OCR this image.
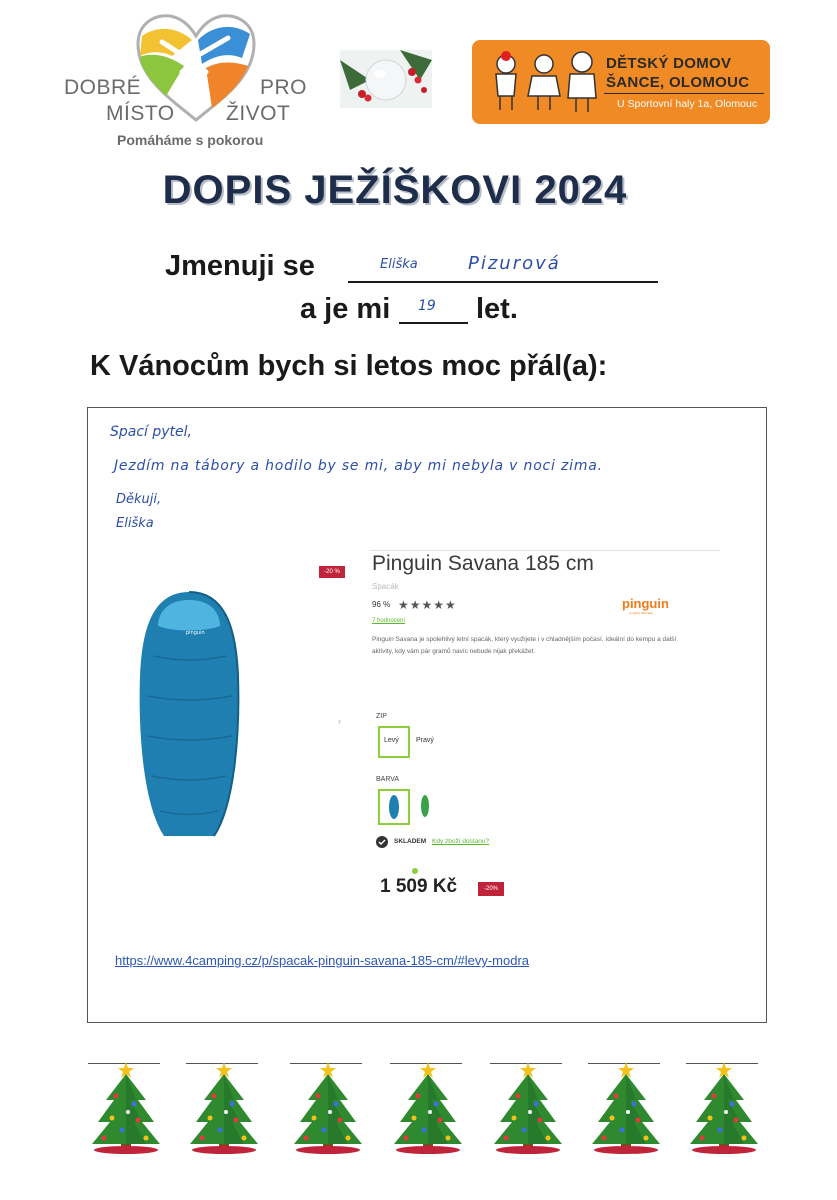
DOBRÉ	PRO
MÍSTO ŽIVOT
Pomáháme s pokorou
DĚTSKÝ DOMOV
ŠANCE, OLOMOUC
U Sportovní haly 1a, Olomouc
DOPIS JEŽÍŠKOVI 2024
Jmenuji se	Eliška	Pizurová
a je mi 19 let.
K Vánocům bych si letos moc přál(a):
Spací pytel,
Jezdím na tábory a hodilo by se mi, aby mi nebyla v noci zima.
Děkuji,
Eliška
pinguin
-20 % Pinguin Savana 185 cm
Spacák
96 % ★★★★★
7 hodnocení
pinguin
a mighty little lady
Pinguin Savana je spolehlivý letní spacák, který využijete i v chladnějším počasí. Ideální do kempu a další aktivity, kdy vám pár gramů navíc nebude nijak překážet.
›	ZIP
Levý Pravý
BARVA
SKLADEM Kdy zboží dostanu?
1 509 Kč	-20%
https://www.4camping.cz/p/spacak-pinguin-savana-185-cm/#levy-modra
